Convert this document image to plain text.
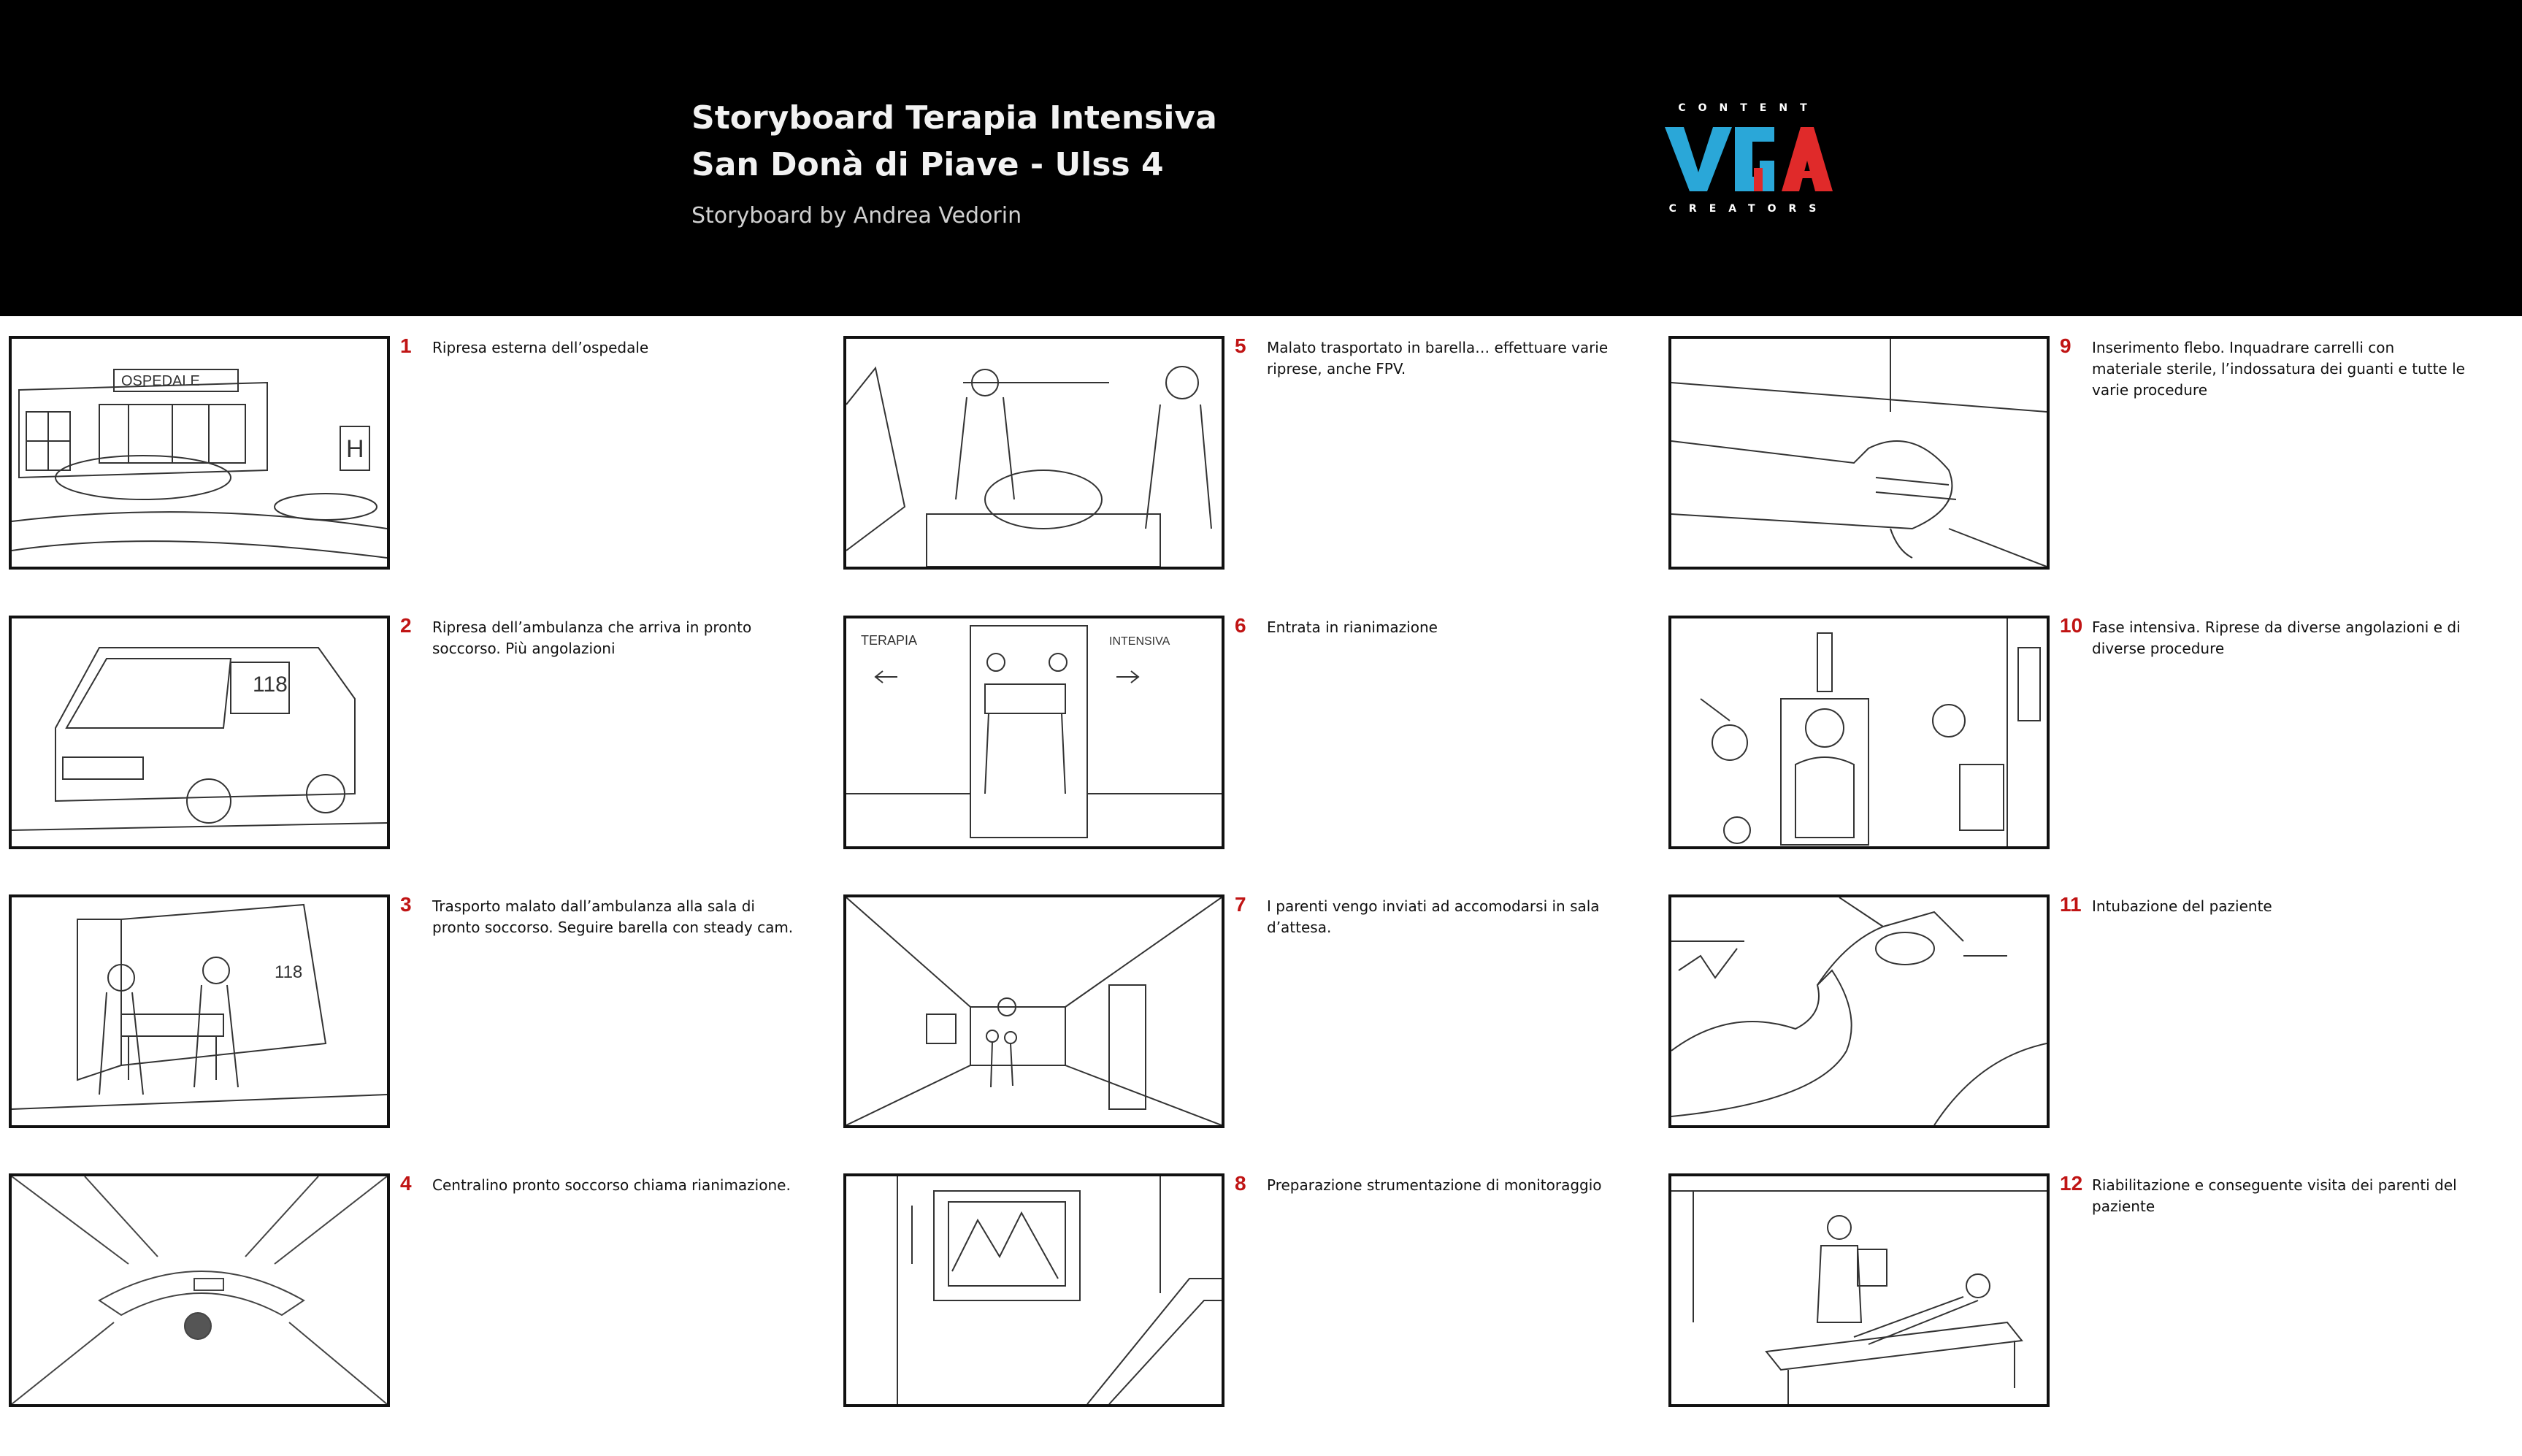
Storyboard Terapia Intensiva
San Donà di Piave - Ulss 4
Storyboard by Andrea Vedorin
CONTENT
CREATORS
OSPEDALE
H
1 Ripresa esterna dell’ospedale
118
2 Ripresa dell’ambulanza che arriva in pronto soccorso. Più angolazioni
118
3 Trasporto malato dall’ambulanza alla sala di pronto soccorso. Seguire barella con steady cam.
4 Centralino pronto soccorso chiama rianimazione.
5 Malato trasportato in barella… effettuare varie riprese, anche FPV.
TERAPIA	INTENSIVA
6 Entrata in rianimazione
7 I parenti vengo inviati ad accomodarsi in sala d’attesa.
8 Preparazione strumentazione di monitoraggio
9 Inserimento flebo. Inquadrare carrelli con materiale sterile, l’indossatura dei guanti e tutte le varie procedure
10 Fase intensiva. Riprese da diverse angolazioni e di diverse procedure
11 Intubazione del paziente
12 Riabilitazione e conseguente visita dei parenti del paziente
